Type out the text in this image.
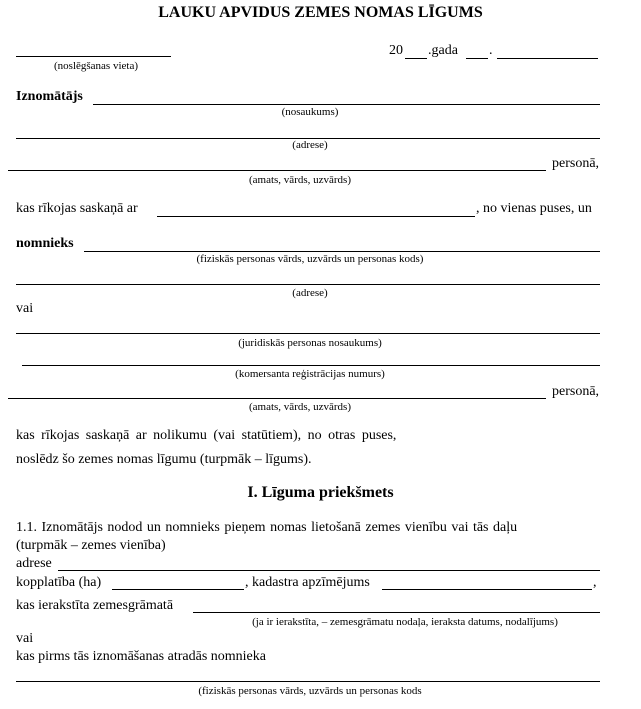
LAUKU APVIDUS ZEMES NOMAS LĪGUMS
(noslēgšanas vieta)
20 .gada .
Iznomātājs
(nosaukums)
(adrese)
personā,
(amats, vārds, uzvārds)
kas rīkojas saskaņā ar	, no vienas puses, un
nomnieks
(fiziskās personas vārds, uzvārds un personas kods)
(adrese)
vai
(juridiskās personas nosaukums)
(komersanta reģistrācijas numurs)
personā,
(amats, vārds, uzvārds)
kas rīkojas saskaņā ar nolikumu (vai statūtiem), no otras puses,
noslēdz šo zemes nomas līgumu (turpmāk – līgums).
I. Līguma priekšmets
1.1. Iznomātājs nodod un nomnieks pieņem nomas lietošanā zemes vienību vai tās daļu
(turpmāk – zemes vienība)
adrese
kopplatība (ha)	, kadastra apzīmējums	,
kas ierakstīta zemesgrāmatā
(ja ir ierakstīta, – zemesgrāmatu nodaļa, ieraksta datums, nodalījums)
vai
kas pirms tās iznomāšanas atradās nomnieka
(fiziskās personas vārds, uzvārds un personas kods
